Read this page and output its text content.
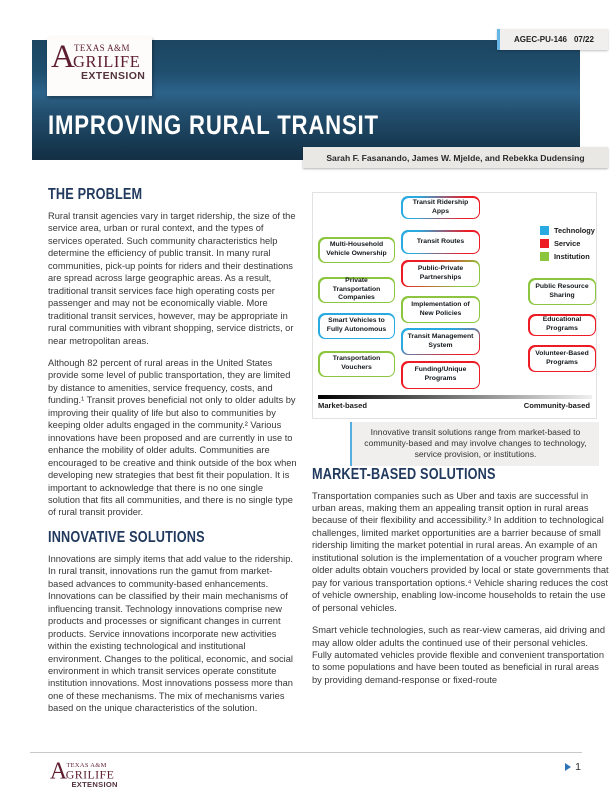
AGEC-PU-146 07/22
A TEXAS A&M
GRILIFE
EXTENSION
IMPROVING RURAL TRANSIT
Sarah F. Fasanando, James W. Mjelde, and Rebekka Dudensing
THE PROBLEM

Rural transit agencies vary in target ridership, the size of the service area, urban or rural context, and the types of services operated. Such community characteristics help determine the efficiency of public transit. In many rural communities, pick-up points for riders and their destinations are spread across large geographic areas. As a result, traditional transit services face high operating costs per passenger and may not be economically viable. More traditional transit services, however, may be appropriate in rural communities with vibrant shopping, service districts, or near metropolitan areas.

Although 82 percent of rural areas in the United States provide some level of public transportation, they are limited by distance to amenities, service frequency, costs, and funding.¹ Transit proves beneficial not only to older adults by improving their quality of life but also to communities by keeping older adults engaged in the community.² Various innovations have been proposed and are currently in use to enhance the mobility of older adults. Communities are encouraged to be creative and think outside of the box when developing new strategies that best fit their population. It is important to acknowledge that there is no one single solution that fits all communities, and there is no single type of rural transit provider.

INNOVATIVE SOLUTIONS

Innovations are simply items that add value to the ridership. In rural transit, innovations run the gamut from market-based advances to community-based enhancements. Innovations can be classified by their main mechanisms of influencing transit. Technology innovations comprise new products and processes or significant changes in current products. Service innovations incorporate new activities within the existing technological and institutional environment. Changes to the political, economic, and social environment in which transit services operate constitute institution innovations. Most innovations possess more than one of these mechanisms. The mix of mechanisms varies based on the unique characteristics of the solution.

Transit Ridership Apps
Transit Routes
Public-Private Partnerships
Implementation of New Policies
Transit Management System
Funding/Unique Programs
Multi-Household Vehicle Ownership
Private Transportation Companies
Smart Vehicles to Fully Autonomous
Transportation Vouchers
Public Resource Sharing
Educational Programs
Volunteer-Based Programs
Technology
Service
Institution
Market-based	Community-based
Innovative transit solutions range from market-based to community-based and may involve changes to technology, service provision, or institutions.
MARKET-BASED SOLUTIONS

Transportation companies such as Uber and taxis are successful in urban areas, making them an appealing transit option in rural areas because of their flexibility and accessibility.³ In addition to technological challenges, limited market opportunities are a barrier because of small ridership limiting the market potential in rural areas. An example of an institutional solution is the implementation of a voucher program where older adults obtain vouchers provided by local or state governments that pay for various transportation options.⁴ Vehicle sharing reduces the cost of vehicle ownership, enabling low-income households to retain the use of personal vehicles.

Smart vehicle technologies, such as rear-view cameras, aid driving and may allow older adults the continued use of their personal vehicles. Fully automated vehicles provide flexible and convenient transportation to some populations and have been touted as beneficial in rural areas by providing demand-response or fixed-route

A TEXAS A&M
GRILIFE
EXTENSION
1
